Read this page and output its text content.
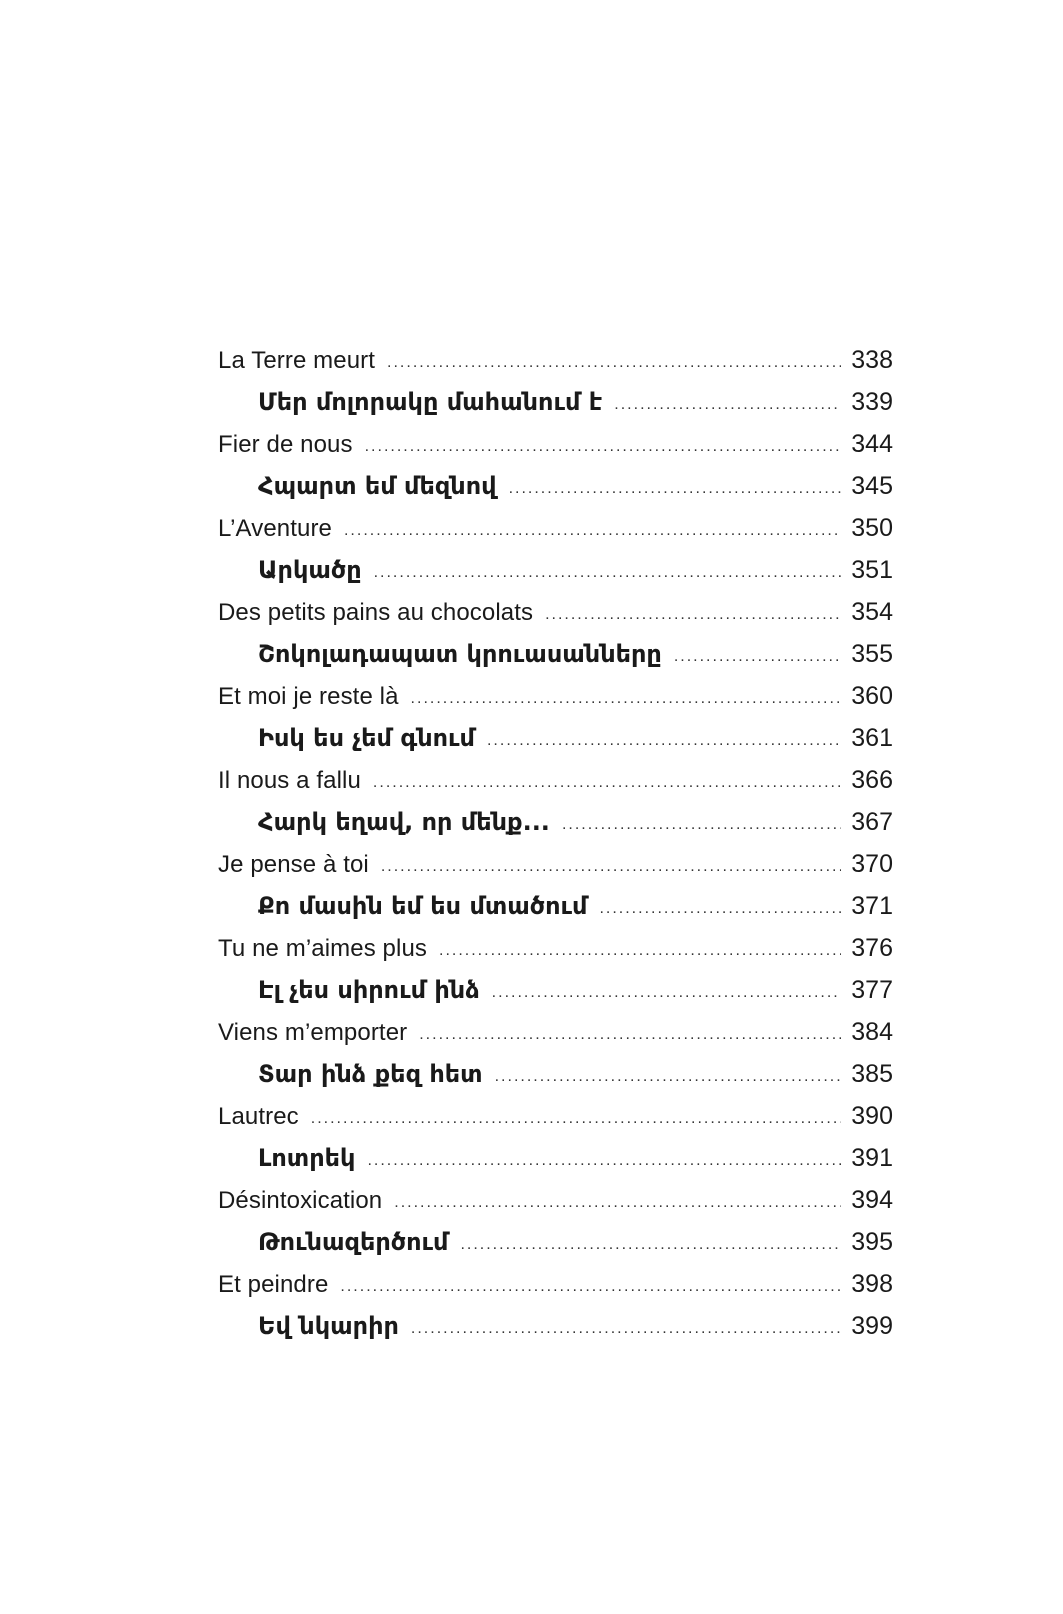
La Terre meurt .....	338
Մեր մոլորակը մահանում է .....	339
Fier de nous .....	344
Հպարտ եմ մեզնով .....	345
L’Aventure .....	350
Արկածը .....	351
Des petits pains au chocolats .....	354
Շոկոլադապատ կրուասանները .....	355
Et moi je reste là .....	360
Իսկ ես չեմ գնում .....	361
Il nous a fallu .....	366
Հարկ եղավ, որ մենք... .....	367
Je pense à toi .....	370
Քո մասին եմ ես մտածում .....	371
Tu ne m’aimes plus .....	376
Էլ չես սիրում ինձ .....	377
Viens m’emporter .....	384
Տար ինձ քեզ հետ .....	385
Lautrec .....	390
Լոտրեկ .....	391
Désintoxication .....	394
Թունազերծում .....	395
Et peindre .....	398
Եվ նկարիր .....	399
